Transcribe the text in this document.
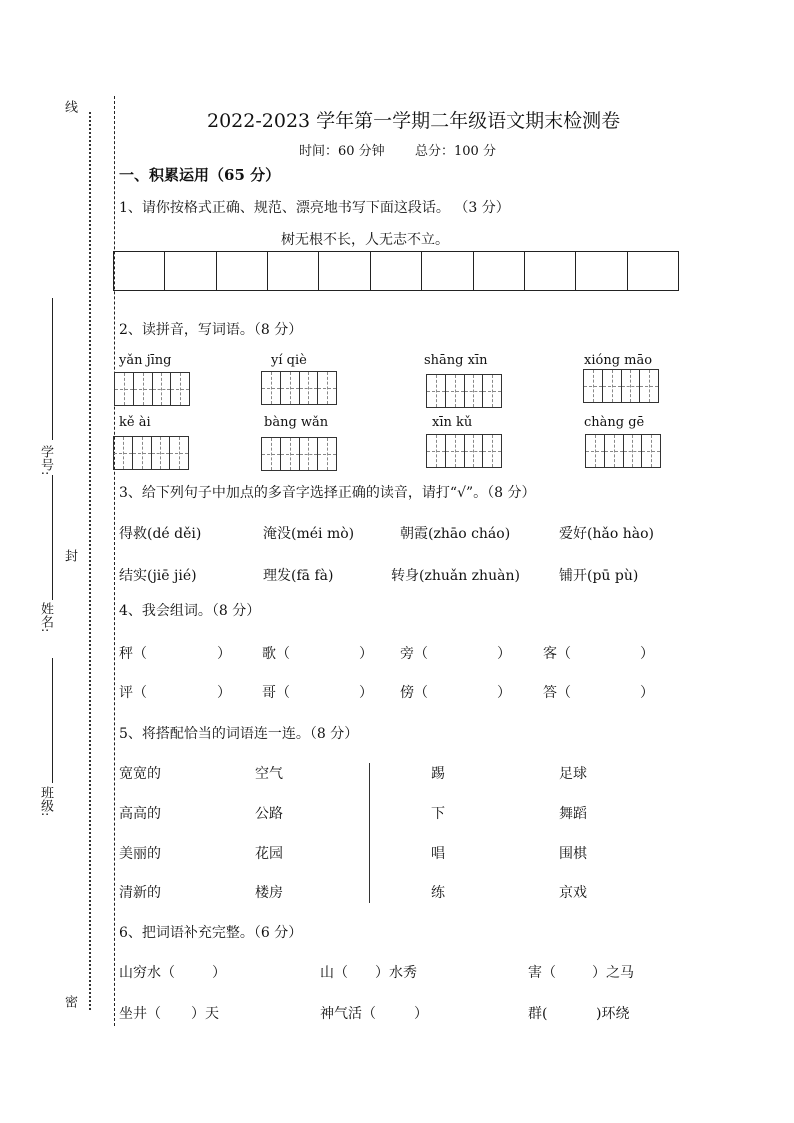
线
封
密
学号:
姓名:
班级:
2022-2023 学年第一学期二年级语文期末检测卷
时间：60 分钟 总分：100 分
一、积累运用（65 分）
1、请你按格式正确、规范、漂亮地书写下面这段话。 （3 分）
树无根不长，人无志不立。
2、读拼音，写词语。（8 分）
yǎn jīng	yí qiè	shāng xīn	xióng māo
kě ài	bàng wǎn	xīn kǔ	chàng gē
3、给下列句子中加点的多音字选择正确的读音，请打“√”。（8 分）
得救(dé děi)	淹没(méi mò)	朝霞(zhāo cháo)	爱好(hǎo hào)
结实(jiē jié)	理发(fā fà)	转身(zhuǎn zhuàn)	铺开(pū pù)
4、我会组词。（8 分）
秤（	） 歌（	） 旁（	） 客（	）
评（	） 哥（	） 傍（	） 答（	）
5、将搭配恰当的词语连一连。（8 分）
宽宽的	空气	踢	足球
高高的	公路	下	舞蹈
美丽的	花园	唱	围棋
清新的	楼房	练	京戏
6、把词语补充完整。（6 分）
山穷水（	）	山（ ）水秀	害（	）之马
坐井（ ）天	神气活（	）	群(	)环绕
